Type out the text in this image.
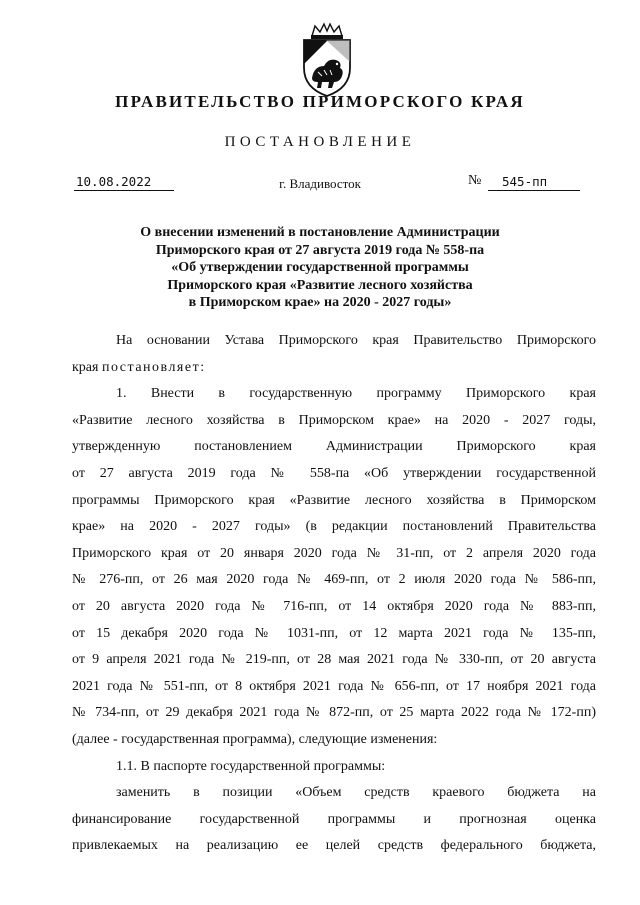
ПРАВИТЕЛЬСТВО ПРИМОРСКОГО КРАЯ
ПОСТАНОВЛЕНИЕ
10.08.2022	г. Владивосток	№	545-пп
О внесении изменений в постановление Администрации
Приморского края от 27 августа 2019 года № 558-па
«Об утверждении государственной программы
Приморского края «Развитие лесного хозяйства
в Приморском крае» на 2020 - 2027 годы»
На основании Устава Приморского края Правительство Приморского
края постановляет:
1. Внести в государственную программу Приморского края
«Развитие лесного хозяйства в Приморском крае» на 2020 - 2027 годы,
утвержденную постановлением Администрации Приморского края
от 27 августа 2019 года № 558-па «Об утверждении государственной
программы Приморского края «Развитие лесного хозяйства в Приморском
крае» на 2020 - 2027 годы» (в редакции постановлений Правительства
Приморского края от 20 января 2020 года № 31-пп, от 2 апреля 2020 года
№ 276-пп, от 26 мая 2020 года № 469-пп, от 2 июля 2020 года № 586-пп,
от 20 августа 2020 года № 716-пп, от 14 октября 2020 года № 883-пп,
от 15 декабря 2020 года № 1031-пп, от 12 марта 2021 года № 135-пп,
от 9 апреля 2021 года № 219-пп, от 28 мая 2021 года № 330-пп, от 20 августа
2021 года № 551-пп, от 8 октября 2021 года № 656-пп, от 17 ноября 2021 года
№ 734-пп, от 29 декабря 2021 года № 872-пп, от 25 марта 2022 года № 172-пп)
(далее - государственная программа), следующие изменения:
1.1. В паспорте государственной программы:
заменить в позиции «Объем средств краевого бюджета на
финансирование государственной программы и прогнозная оценка
привлекаемых на реализацию ее целей средств федерального бюджета,
